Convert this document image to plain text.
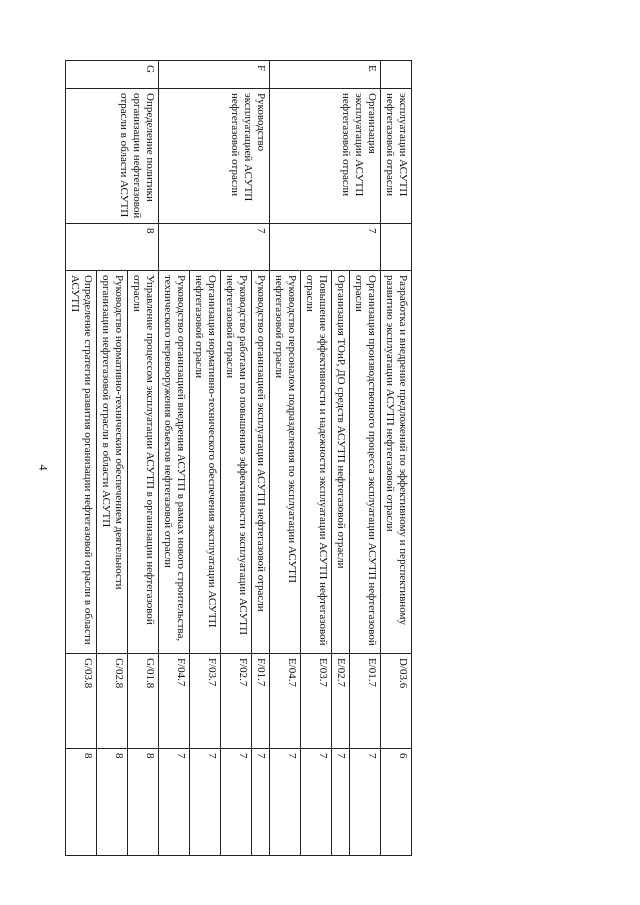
4
	эксплуатации АСУТП нефтегазовой отрасли		Разработка и внедрение предложений по эффективному и перспективному развитию эксплуатации АСУТП нефтегазовой отрасли	D/03.6	6
E	Организация эксплуатации АСУТП нефтегазовой отрасли	7	Организация производственного процесса эксплуатации АСУТП нефтегазовой отрасли	E/01.7	7
			Организация ТОиР, ДО средств АСУТП нефтегазовой отрасли	E/02.7	7
			Повышение эффективности и надежности эксплуатации АСУТП нефтегазовой отрасли	E/03.7	7
			Руководство персоналом подразделения по эксплуатации АСУТП нефтегазовой отрасли	E/04.7	7
F	Руководство эксплуатацией АСУТП нефтегазовой отрасли	7	Руководство организацией эксплуатации АСУТП нефтегазовой отрасли	F/01.7	7
			Руководство работами по повышению эффективности эксплуатации АСУТП нефтегазовой отрасли	F/02.7	7
			Организация нормативно-технического обеспечения эксплуатации АСУТП нефтегазовой отрасли	F/03.7	7
			Руководство организацией внедрения АСУТП в рамках нового строительства, технического перевооружения объектов нефтегазовой отрасли	F/04.7	7
G	Определение политики организации нефтегазовой отрасли в области АСУТП	8	Управление процессом эксплуатации АСУТП в организации нефтегазовой отрасли	G/01.8	8
			Руководство нормативно-техническим обеспечением деятельности организации нефтегазовой отрасли в области АСУТП	G/02.8	8
			Определение стратегии развития организации нефтегазовой отрасли в области АСУТП	G/03.8	8
